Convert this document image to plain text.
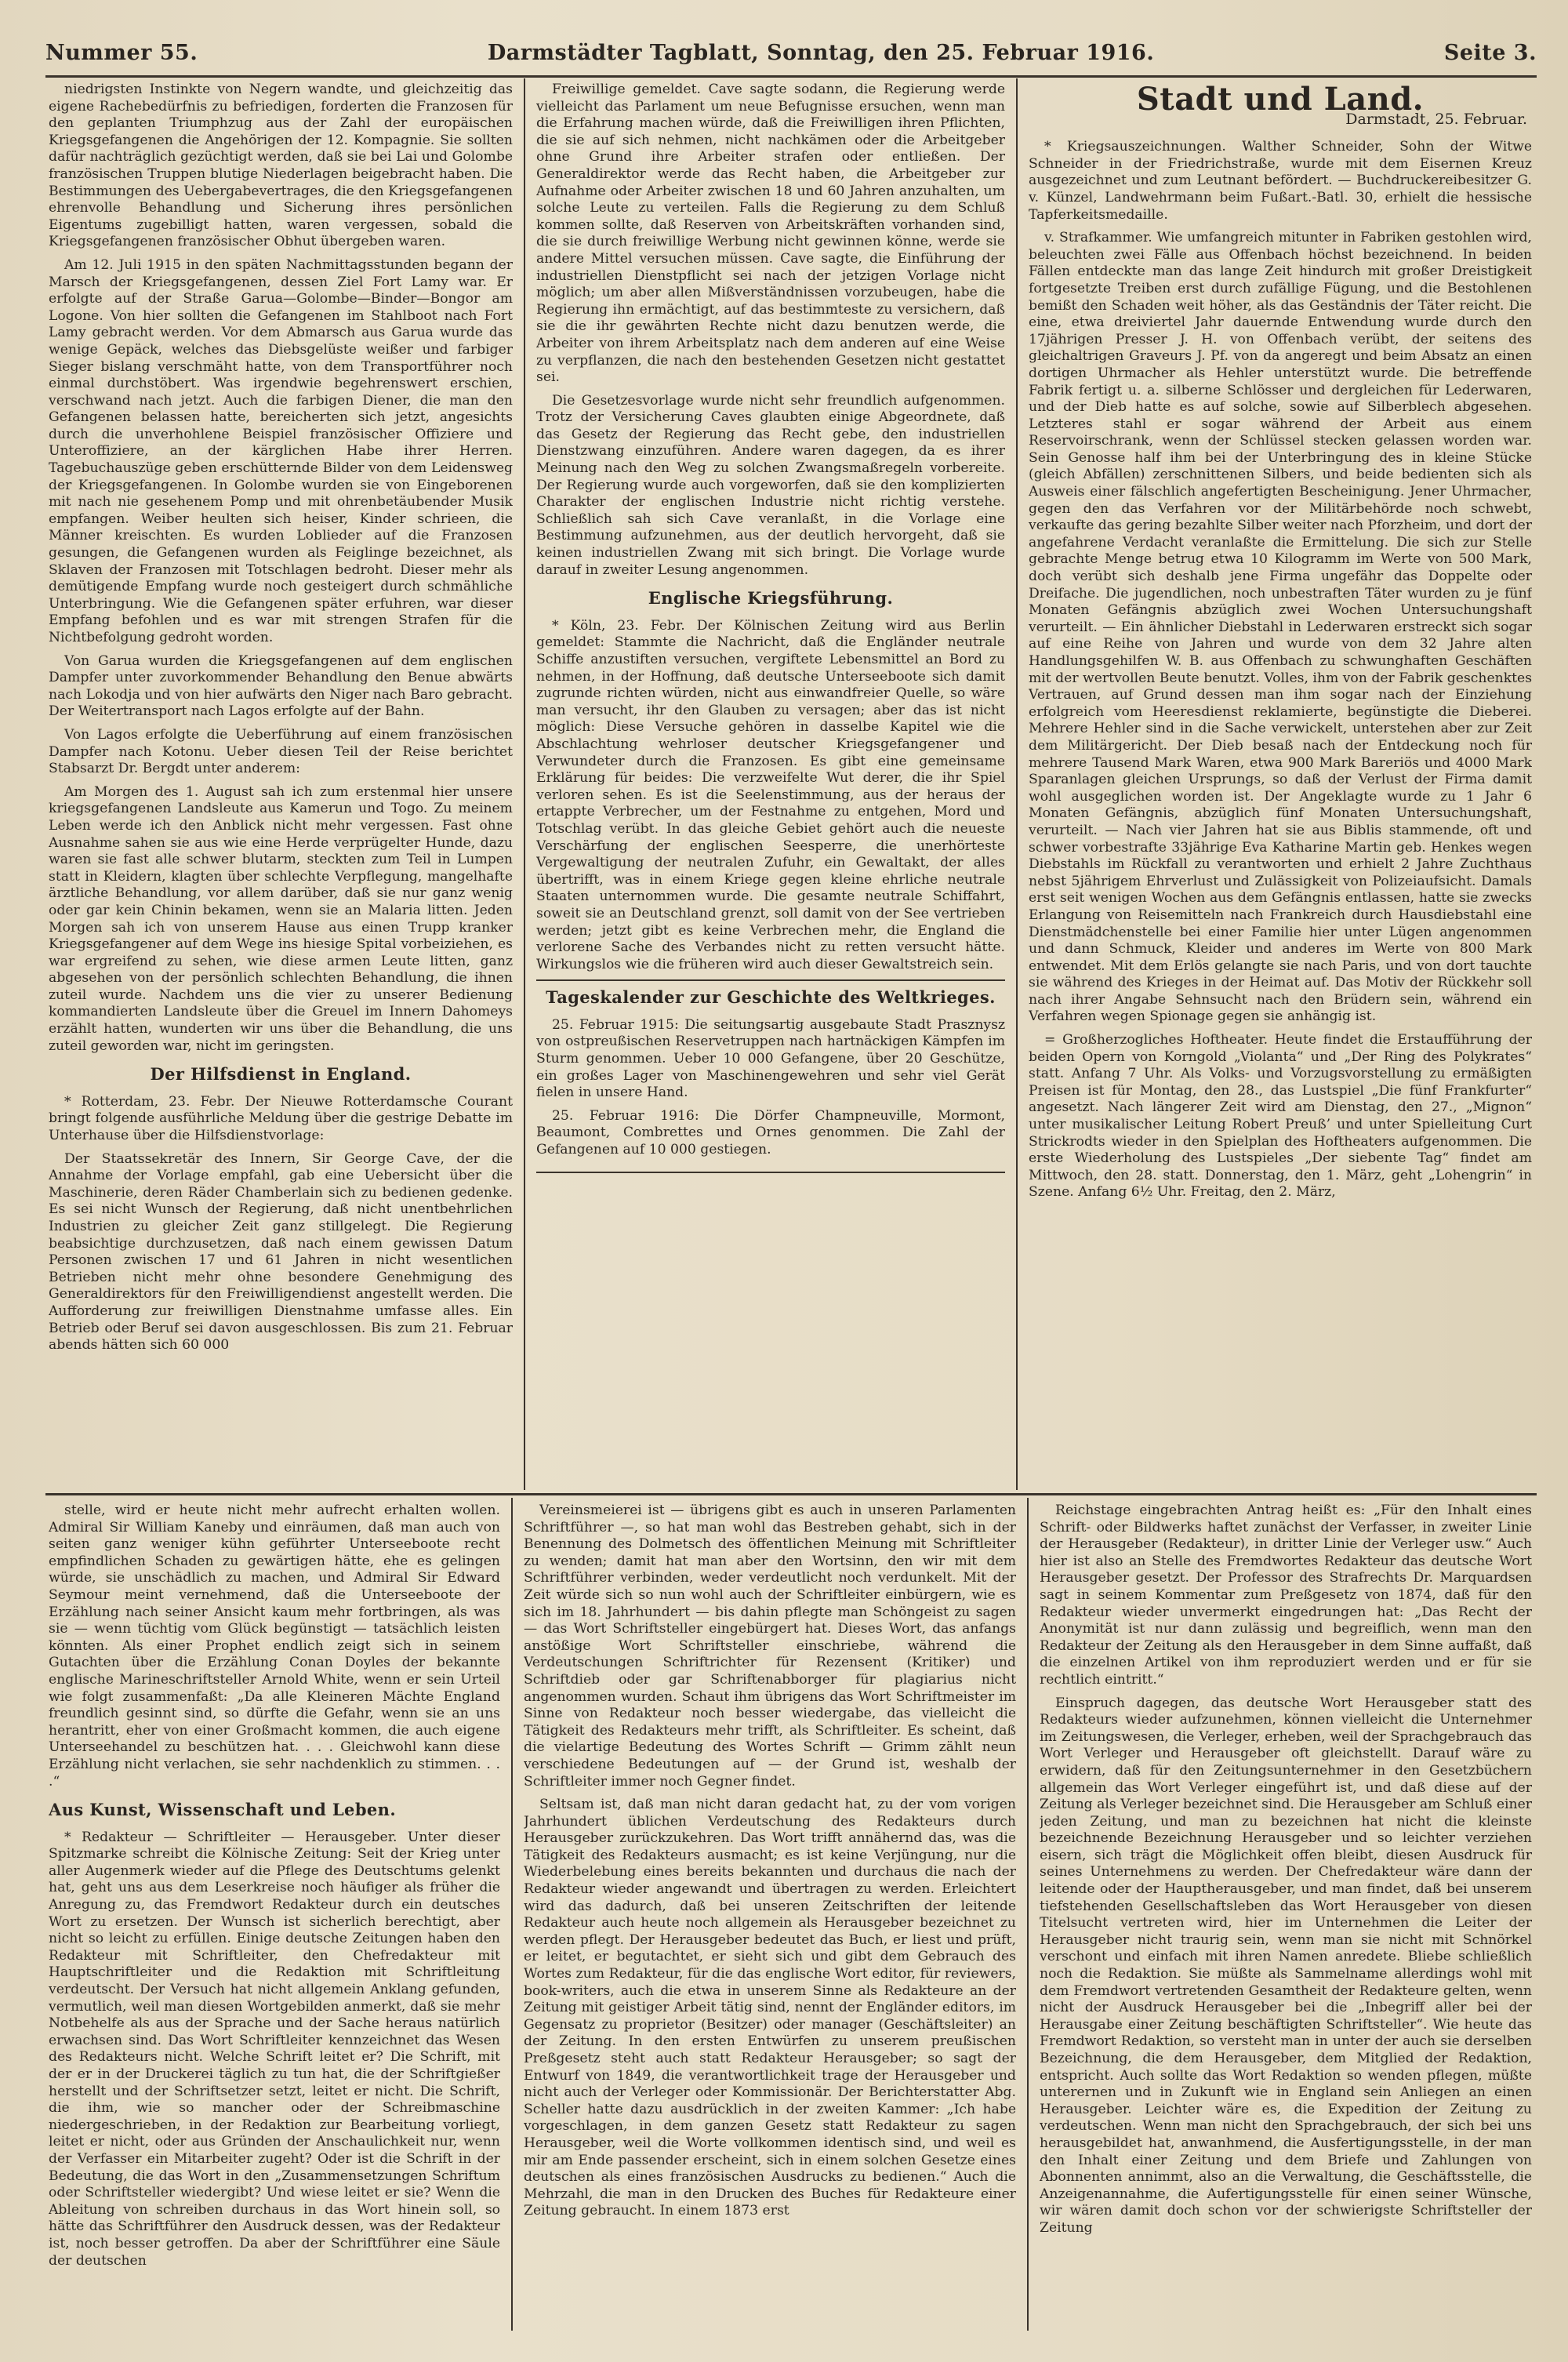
Nummer 55.	Darmstädter Tagblatt, Sonntag, den 25. Februar 1916.	Seite 3.

niedrigsten Instinkte von Negern wandte, und gleichzeitig das eigene Rachebedürfnis zu befriedigen, forderten die Franzosen für den geplanten Triumphzug aus der Zahl der europäischen Kriegsgefangenen die Angehörigen der 12. Kompagnie. Sie sollten dafür nachträglich gezüchtigt werden, daß sie bei Lai und Golombe französischen Truppen blutige Niederlagen beigebracht haben. Die Bestimmungen des Uebergabevertrages, die den Kriegsgefangenen ehrenvolle Behandlung und Sicherung ihres persönlichen Eigentums zugebilligt hatten, waren vergessen, sobald die Kriegsgefangenen französischer Obhut übergeben waren.

Am 12. Juli 1915 in den späten Nachmittagsstunden begann der Marsch der Kriegsgefangenen, dessen Ziel Fort Lamy war. Er erfolgte auf der Straße Garua—Golombe—Binder—Bongor am Logone. Von hier sollten die Gefangenen im Stahlboot nach Fort Lamy gebracht werden. Vor dem Abmarsch aus Garua wurde das wenige Gepäck, welches das Diebsgelüste weißer und farbiger Sieger bislang verschmäht hatte, von dem Transportführer noch einmal durchstöbert. Was irgendwie begehrenswert erschien, verschwand nach jetzt. Auch die farbigen Diener, die man den Gefangenen belassen hatte, bereicherten sich jetzt, angesichts durch die unverhohlene Beispiel französischer Offiziere und Unteroffiziere, an der kärglichen Habe ihrer Herren. Tagebuchauszüge geben erschütternde Bilder von dem Leidensweg der Kriegsgefangenen. In Golombe wurden sie von Eingeborenen mit nach nie gesehenem Pomp und mit ohrenbetäubender Musik empfangen. Weiber heulten sich heiser, Kinder schrieen, die Männer kreischten. Es wurden Loblieder auf die Franzosen gesungen, die Gefangenen wurden als Feiglinge bezeichnet, als Sklaven der Franzosen mit Totschlagen bedroht. Dieser mehr als demütigende Empfang wurde noch gesteigert durch schmähliche Unterbringung. Wie die Gefangenen später erfuhren, war dieser Empfang befohlen und es war mit strengen Strafen für die Nichtbefolgung gedroht worden.

Von Garua wurden die Kriegsgefangenen auf dem englischen Dampfer unter zuvorkommender Behandlung den Benue abwärts nach Lokodja und von hier aufwärts den Niger nach Baro gebracht. Der Weitertransport nach Lagos erfolgte auf der Bahn.

Von Lagos erfolgte die Ueberführung auf einem französischen Dampfer nach Kotonu. Ueber diesen Teil der Reise berichtet Stabsarzt Dr. Bergdt unter anderem:

Am Morgen des 1. August sah ich zum erstenmal hier unsere kriegsgefangenen Landsleute aus Kamerun und Togo. Zu meinem Leben werde ich den Anblick nicht mehr vergessen. Fast ohne Ausnahme sahen sie aus wie eine Herde verprügelter Hunde, dazu waren sie fast alle schwer blutarm, steckten zum Teil in Lumpen statt in Kleidern, klagten über schlechte Verpflegung, mangelhafte ärztliche Behandlung, vor allem darüber, daß sie nur ganz wenig oder gar kein Chinin bekamen, wenn sie an Malaria litten. Jeden Morgen sah ich von unserem Hause aus einen Trupp kranker Kriegsgefangener auf dem Wege ins hiesige Spital vorbeiziehen, es war ergreifend zu sehen, wie diese armen Leute litten, ganz abgesehen von der persönlich schlechten Behandlung, die ihnen zuteil wurde. Nachdem uns die vier zu unserer Bedienung kommandierten Landsleute über die Greuel im Innern Dahomeys erzählt hatten, wunderten wir uns über die Behandlung, die uns zuteil geworden war, nicht im geringsten.

Der Hilfsdienst in England.

* Rotterdam, 23. Febr. Der Nieuwe Rotterdamsche Courant bringt folgende ausführliche Meldung über die gestrige Debatte im Unterhause über die Hilfsdienstvorlage:

Der Staatssekretär des Innern, Sir George Cave, der die Annahme der Vorlage empfahl, gab eine Uebersicht über die Maschinerie, deren Räder Chamberlain sich zu bedienen gedenke. Es sei nicht Wunsch der Regierung, daß nicht unentbehrlichen Industrien zu gleicher Zeit ganz stillgelegt. Die Regierung beabsichtige durchzusetzen, daß nach einem gewissen Datum Personen zwischen 17 und 61 Jahren in nicht wesentlichen Betrieben nicht mehr ohne besondere Genehmigung des Generaldirektors für den Freiwilligendienst angestellt werden. Die Aufforderung zur freiwilligen Dienstnahme umfasse alles. Ein Betrieb oder Beruf sei davon ausgeschlossen. Bis zum 21. Februar abends hätten sich 60 000

Freiwillige gemeldet. Cave sagte sodann, die Regierung werde vielleicht das Parlament um neue Befugnisse ersuchen, wenn man die Erfahrung machen würde, daß die Freiwilligen ihren Pflichten, die sie auf sich nehmen, nicht nachkämen oder die Arbeitgeber ohne Grund ihre Arbeiter strafen oder entließen. Der Generaldirektor werde das Recht haben, die Arbeitgeber zur Aufnahme oder Arbeiter zwischen 18 und 60 Jahren anzuhalten, um solche Leute zu verteilen. Falls die Regierung zu dem Schluß kommen sollte, daß Reserven von Arbeitskräften vorhanden sind, die sie durch freiwillige Werbung nicht gewinnen könne, werde sie andere Mittel versuchen müssen. Cave sagte, die Einführung der industriellen Dienstpflicht sei nach der jetzigen Vorlage nicht möglich; um aber allen Mißverständnissen vorzubeugen, habe die Regierung ihn ermächtigt, auf das bestimmteste zu versichern, daß sie die ihr gewährten Rechte nicht dazu benutzen werde, die Arbeiter von ihrem Arbeitsplatz nach dem anderen auf eine Weise zu verpflanzen, die nach den bestehenden Gesetzen nicht gestattet sei.

Die Gesetzesvorlage wurde nicht sehr freundlich aufgenommen. Trotz der Versicherung Caves glaubten einige Abgeordnete, daß das Gesetz der Regierung das Recht gebe, den industriellen Dienstzwang einzuführen. Andere waren dagegen, da es ihrer Meinung nach den Weg zu solchen Zwangsmaßregeln vorbereite. Der Regierung wurde auch vorgeworfen, daß sie den komplizierten Charakter der englischen Industrie nicht richtig verstehe. Schließlich sah sich Cave veranlaßt, in die Vorlage eine Bestimmung aufzunehmen, aus der deutlich hervorgeht, daß sie keinen industriellen Zwang mit sich bringt. Die Vorlage wurde darauf in zweiter Lesung angenommen.

Englische Kriegsführung.

* Köln, 23. Febr. Der Kölnischen Zeitung wird aus Berlin gemeldet: Stammte die Nachricht, daß die Engländer neutrale Schiffe anzustiften versuchen, vergiftete Lebensmittel an Bord zu nehmen, in der Hoffnung, daß deutsche Unterseeboote sich damit zugrunde richten würden, nicht aus einwandfreier Quelle, so wäre man versucht, ihr den Glauben zu versagen; aber das ist nicht möglich: Diese Versuche gehören in dasselbe Kapitel wie die Abschlachtung wehrloser deutscher Kriegsgefangener und Verwundeter durch die Franzosen. Es gibt eine gemeinsame Erklärung für beides: Die verzweifelte Wut derer, die ihr Spiel verloren sehen. Es ist die Seelenstimmung, aus der heraus der ertappte Verbrecher, um der Festnahme zu entgehen, Mord und Totschlag verübt. In das gleiche Gebiet gehört auch die neueste Verschärfung der englischen Seesperre, die unerhörteste Vergewaltigung der neutralen Zufuhr, ein Gewaltakt, der alles übertrifft, was in einem Kriege gegen kleine ehrliche neutrale Staaten unternommen wurde. Die gesamte neutrale Schiffahrt, soweit sie an Deutschland grenzt, soll damit von der See vertrieben werden; jetzt gibt es keine Verbrechen mehr, die England die verlorene Sache des Verbandes nicht zu retten versucht hätte. Wirkungslos wie die früheren wird auch dieser Gewaltstreich sein.

Tageskalender zur Geschichte des Weltkrieges.

25. Februar 1915: Die seitungsartig ausgebaute Stadt Prasznysz von ostpreußischen Reservetruppen nach hartnäckigen Kämpfen im Sturm genommen. Ueber 10 000 Gefangene, über 20 Geschütze, ein großes Lager von Maschinengewehren und sehr viel Gerät fielen in unsere Hand.

25. Februar 1916: Die Dörfer Champneuville, Mormont, Beaumont, Combrettes und Ornes genommen. Die Zahl der Gefangenen auf 10 000 gestiegen.

Stadt und Land.
Darmstadt, 25. Februar.

* Kriegsauszeichnungen. Walther Schneider, Sohn der Witwe Schneider in der Friedrichstraße, wurde mit dem Eisernen Kreuz ausgezeichnet und zum Leutnant befördert. — Buchdruckereibesitzer G. v. Künzel, Landwehrmann beim Fußart.-Batl. 30, erhielt die hessische Tapferkeitsmedaille.

v. Strafkammer. Wie umfangreich mitunter in Fabriken gestohlen wird, beleuchten zwei Fälle aus Offenbach höchst bezeichnend. In beiden Fällen entdeckte man das lange Zeit hindurch mit großer Dreistigkeit fortgesetzte Treiben erst durch zufällige Fügung, und die Bestohlenen bemißt den Schaden weit höher, als das Geständnis der Täter reicht. Die eine, etwa dreiviertel Jahr dauernde Entwendung wurde durch den 17jährigen Presser J. H. von Offenbach verübt, der seitens des gleichaltrigen Graveurs J. Pf. von da angeregt und beim Absatz an einen dortigen Uhrmacher als Hehler unterstützt wurde. Die betreffende Fabrik fertigt u. a. silberne Schlösser und dergleichen für Lederwaren, und der Dieb hatte es auf solche, sowie auf Silberblech abgesehen. Letzteres stahl er sogar während der Arbeit aus einem Reservoirschrank, wenn der Schlüssel stecken gelassen worden war. Sein Genosse half ihm bei der Unterbringung des in kleine Stücke (gleich Abfällen) zerschnittenen Silbers, und beide bedienten sich als Ausweis einer fälschlich angefertigten Bescheinigung. Jener Uhrmacher, gegen den das Verfahren vor der Militärbehörde noch schwebt, verkaufte das gering bezahlte Silber weiter nach Pforzheim, und dort der angefahrene Verdacht veranlaßte die Ermittelung. Die sich zur Stelle gebrachte Menge betrug etwa 10 Kilogramm im Werte von 500 Mark, doch verübt sich deshalb jene Firma ungefähr das Doppelte oder Dreifache. Die jugendlichen, noch unbestraften Täter wurden zu je fünf Monaten Gefängnis abzüglich zwei Wochen Untersuchungshaft verurteilt. — Ein ähnlicher Diebstahl in Lederwaren erstreckt sich sogar auf eine Reihe von Jahren und wurde von dem 32 Jahre alten Handlungsgehilfen W. B. aus Offenbach zu schwunghaften Geschäften mit der wertvollen Beute benutzt. Volles, ihm von der Fabrik geschenktes Vertrauen, auf Grund dessen man ihm sogar nach der Einziehung erfolgreich vom Heeresdienst reklamierte, begünstigte die Dieberei. Mehrere Hehler sind in die Sache verwickelt, unterstehen aber zur Zeit dem Militärgericht. Der Dieb besaß nach der Entdeckung noch für mehrere Tausend Mark Waren, etwa 900 Mark Bareriös und 4000 Mark Sparanlagen gleichen Ursprungs, so daß der Verlust der Firma damit wohl ausgeglichen worden ist. Der Angeklagte wurde zu 1 Jahr 6 Monaten Gefängnis, abzüglich fünf Monaten Untersuchungshaft, verurteilt. — Nach vier Jahren hat sie aus Biblis stammende, oft und schwer vorbestrafte 33jährige Eva Katharine Martin geb. Henkes wegen Diebstahls im Rückfall zu verantworten und erhielt 2 Jahre Zuchthaus nebst 5jährigem Ehrverlust und Zulässigkeit von Polizeiaufsicht. Damals erst seit wenigen Wochen aus dem Gefängnis entlassen, hatte sie zwecks Erlangung von Reisemitteln nach Frankreich durch Hausdiebstahl eine Dienstmädchenstelle bei einer Familie hier unter Lügen angenommen und dann Schmuck, Kleider und anderes im Werte von 800 Mark entwendet. Mit dem Erlös gelangte sie nach Paris, und von dort tauchte sie während des Krieges in der Heimat auf. Das Motiv der Rückkehr soll nach ihrer Angabe Sehnsucht nach den Brüdern sein, während ein Verfahren wegen Spionage gegen sie anhängig ist.

= Großherzogliches Hoftheater. Heute findet die Erstaufführung der beiden Opern von Korngold „Violanta“ und „Der Ring des Polykrates“ statt. Anfang 7 Uhr. Als Volks- und Vorzugsvorstellung zu ermäßigten Preisen ist für Montag, den 28., das Lustspiel „Die fünf Frankfurter“ angesetzt. Nach längerer Zeit wird am Dienstag, den 27., „Mignon“ unter musikalischer Leitung Robert Preuß’ und unter Spielleitung Curt Strickrodts wieder in den Spielplan des Hoftheaters aufgenommen. Die erste Wiederholung des Lustspieles „Der siebente Tag“ findet am Mittwoch, den 28. statt. Donnerstag, den 1. März, geht „Lohengrin“ in Szene. Anfang 6½ Uhr. Freitag, den 2. März,

stelle, wird er heute nicht mehr aufrecht erhalten wollen. Admiral Sir William Kaneby und einräumen, daß man auch von seiten ganz weniger kühn geführter Unterseeboote recht empfindlichen Schaden zu gewärtigen hätte, ehe es gelingen würde, sie unschädlich zu machen, und Admiral Sir Edward Seymour meint vernehmend, daß die Unterseeboote der Erzählung nach seiner Ansicht kaum mehr fortbringen, als was sie — wenn tüchtig vom Glück begünstigt — tatsächlich leisten könnten. Als einer Prophet endlich zeigt sich in seinem Gutachten über die Erzählung Conan Doyles der bekannte englische Marineschriftsteller Arnold White, wenn er sein Urteil wie folgt zusammenfaßt: „Da alle Kleineren Mächte England freundlich gesinnt sind, so dürfte die Gefahr, wenn sie an uns herantritt, eher von einer Großmacht kommen, die auch eigene Unterseehandel zu beschützen hat. . . . Gleichwohl kann diese Erzählung nicht verlachen, sie sehr nachdenklich zu stimmen. . . .“

Aus Kunst, Wissenschaft und Leben.

* Redakteur — Schriftleiter — Herausgeber. Unter dieser Spitzmarke schreibt die Kölnische Zeitung: Seit der Krieg unter aller Augenmerk wieder auf die Pflege des Deutschtums gelenkt hat, geht uns aus dem Leserkreise noch häufiger als früher die Anregung zu, das Fremdwort Redakteur durch ein deutsches Wort zu ersetzen. Der Wunsch ist sicherlich berechtigt, aber nicht so leicht zu erfüllen. Einige deutsche Zeitungen haben den Redakteur mit Schriftleiter, den Chefredakteur mit Hauptschriftleiter und die Redaktion mit Schriftleitung verdeutscht. Der Versuch hat nicht allgemein Anklang gefunden, vermutlich, weil man diesen Wortgebilden anmerkt, daß sie mehr Notbehelfe als aus der Sprache und der Sache heraus natürlich erwachsen sind. Das Wort Schriftleiter kennzeichnet das Wesen des Redakteurs nicht. Welche Schrift leitet er? Die Schrift, mit der er in der Druckerei täglich zu tun hat, die der Schriftgießer herstellt und der Schriftsetzer setzt, leitet er nicht. Die Schrift, die ihm, wie so mancher oder der Schreibmaschine niedergeschrieben, in der Redaktion zur Bearbeitung vorliegt, leitet er nicht, oder aus Gründen der Anschaulichkeit nur, wenn der Verfasser ein Mitarbeiter zugeht? Oder ist die Schrift in der Bedeutung, die das Wort in den „Zusammensetzungen Schriftum oder Schriftsteller wiedergibt? Und wiese leitet er sie? Wenn die Ableitung von schreiben durchaus in das Wort hinein soll, so hätte das Schriftführer den Ausdruck dessen, was der Redakteur ist, noch besser getroffen. Da aber der Schriftführer eine Säule der deutschen

Vereinsmeierei ist — übrigens gibt es auch in unseren Parlamenten Schriftführer —, so hat man wohl das Bestreben gehabt, sich in der Benennung des Dolmetsch des öffentlichen Meinung mit Schriftleiter zu wenden; damit hat man aber den Wortsinn, den wir mit dem Schriftführer verbinden, weder verdeutlicht noch verdunkelt. Mit der Zeit würde sich so nun wohl auch der Schriftleiter einbürgern, wie es sich im 18. Jahrhundert — bis dahin pflegte man Schöngeist zu sagen — das Wort Schriftsteller eingebürgert hat. Dieses Wort, das anfangs anstößige Wort Schriftsteller einschriebe, während die Verdeutschungen Schriftrichter für Rezensent (Kritiker) und Schriftdieb oder gar Schriftenabborger für plagiarius nicht angenommen wurden. Schaut ihm übrigens das Wort Schriftmeister im Sinne von Redakteur noch besser wiedergabe, das vielleicht die Tätigkeit des Redakteurs mehr trifft, als Schriftleiter. Es scheint, daß die vielartige Bedeutung des Wortes Schrift — Grimm zählt neun verschiedene Bedeutungen auf — der Grund ist, weshalb der Schriftleiter immer noch Gegner findet.

Seltsam ist, daß man nicht daran gedacht hat, zu der vom vorigen Jahrhundert üblichen Verdeutschung des Redakteurs durch Herausgeber zurückzukehren. Das Wort trifft annähernd das, was die Tätigkeit des Redakteurs ausmacht; es ist keine Verjüngung, nur die Wiederbelebung eines bereits bekannten und durchaus die nach der Redakteur wieder angewandt und übertragen zu werden. Erleichtert wird das dadurch, daß bei unseren Zeitschriften der leitende Redakteur auch heute noch allgemein als Herausgeber bezeichnet zu werden pflegt. Der Herausgeber bedeutet das Buch, er liest und prüft, er leitet, er begutachtet, er sieht sich und gibt dem Gebrauch des Wortes zum Redakteur, für die das englische Wort editor, für reviewers, book-writers, auch die etwa in unserem Sinne als Redakteure an der Zeitung mit geistiger Arbeit tätig sind, nennt der Engländer editors, im Gegensatz zu proprietor (Besitzer) oder manager (Geschäftsleiter) an der Zeitung. In den ersten Entwürfen zu unserem preußischen Preßgesetz steht auch statt Redakteur Herausgeber; so sagt der Entwurf von 1849, die verantwortlichkeit trage der Herausgeber und nicht auch der Verleger oder Kommissionär. Der Berichterstatter Abg. Scheller hatte dazu ausdrücklich in der zweiten Kammer: „Ich habe vorgeschlagen, in dem ganzen Gesetz statt Redakteur zu sagen Herausgeber, weil die Worte vollkommen identisch sind, und weil es mir am Ende passender erscheint, sich in einem solchen Gesetze eines deutschen als eines französischen Ausdrucks zu bedienen.“ Auch die Mehrzahl, die man in den Drucken des Buches für Redakteure einer Zeitung gebraucht. In einem 1873 erst

Reichstage eingebrachten Antrag heißt es: „Für den Inhalt eines Schrift- oder Bildwerks haftet zunächst der Verfasser, in zweiter Linie der Herausgeber (Redakteur), in dritter Linie der Verleger usw.“ Auch hier ist also an Stelle des Fremdwortes Redakteur das deutsche Wort Herausgeber gesetzt. Der Professor des Strafrechts Dr. Marquardsen sagt in seinem Kommentar zum Preßgesetz von 1874, daß für den Redakteur wieder unvermerkt eingedrungen hat: „Das Recht der Anonymität ist nur dann zulässig und begreiflich, wenn man den Redakteur der Zeitung als den Herausgeber in dem Sinne auffaßt, daß die einzelnen Artikel von ihm reproduziert werden und er für sie rechtlich eintritt.“

Einspruch dagegen, das deutsche Wort Herausgeber statt des Redakteurs wieder aufzunehmen, können vielleicht die Unternehmer im Zeitungswesen, die Verleger, erheben, weil der Sprachgebrauch das Wort Verleger und Herausgeber oft gleichstellt. Darauf wäre zu erwidern, daß für den Zeitungsunternehmer in den Gesetzbüchern allgemein das Wort Verleger eingeführt ist, und daß diese auf der Zeitung als Verleger bezeichnet sind. Die Herausgeber am Schluß einer jeden Zeitung, und man zu bezeichnen hat nicht die kleinste bezeichnende Bezeichnung Herausgeber und so leichter verziehen eisern, sich trägt die Möglichkeit offen bleibt, diesen Ausdruck für seines Unternehmens zu werden. Der Chefredakteur wäre dann der leitende oder der Hauptherausgeber, und man findet, daß bei unserem tiefstehenden Gesellschaftsleben das Wort Herausgeber von diesen Titelsucht vertreten wird, hier im Unternehmen die Leiter der Herausgeber nicht traurig sein, wenn man sie nicht mit Schnörkel verschont und einfach mit ihren Namen anredete. Bliebe schließlich noch die Redaktion. Sie müßte als Sammelname allerdings wohl mit dem Fremdwort vertretenden Gesamtheit der Redakteure gelten, wenn nicht der Ausdruck Herausgeber bei die „Inbegriff aller bei der Herausgabe einer Zeitung beschäftigten Schriftsteller“. Wie heute das Fremdwort Redaktion, so versteht man in unter der auch sie derselben Bezeichnung, die dem Herausgeber, dem Mitglied der Redaktion, entspricht. Auch sollte das Wort Redaktion so wenden pflegen, müßte unterernen und in Zukunft wie in England sein Anliegen an einen Herausgeber. Leichter wäre es, die Expedition der Zeitung zu verdeutschen. Wenn man nicht den Sprachgebrauch, der sich bei uns herausgebildet hat, anwanhmend, die Ausfertigungsstelle, in der man den Inhalt einer Zeitung und dem Briefe und Zahlungen von Abonnenten annimmt, also an die Verwaltung, die Geschäftsstelle, die Anzeigenannahme, die Aufertigungsstelle für einen seiner Wünsche, wir wären damit doch schon vor der schwierigste Schriftsteller der Zeitung
